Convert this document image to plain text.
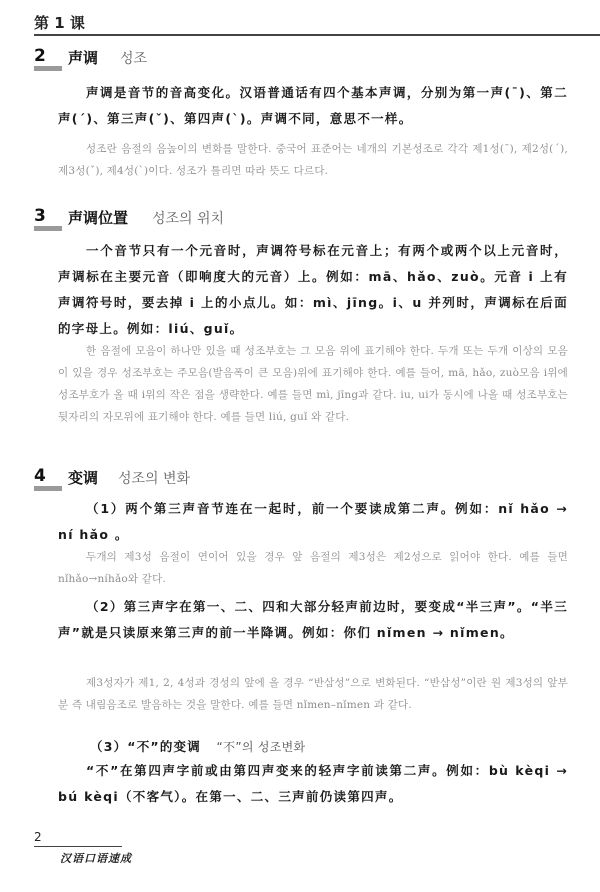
第 1 课
2 声调 성조
声调是音节的音高变化。汉语普通话有四个基本声调，分别为第一声(ˉ)、第二声(ˊ)、第三声(ˇ)、第四声(ˋ)。声调不同，意思不一样。
성조란 음절의 음높이의 변화를 말한다. 중국어 표준어는 네개의 기본성조로 각각 제1성(ˉ), 제2성(ˊ), 제3성(ˇ), 제4성(ˋ)이다. 성조가 틀리면 따라 뜻도 다르다.
3 声调位置 성조의 위치
一个音节只有一个元音时，声调符号标在元音上；有两个或两个以上元音时，声调标在主要元音（即响度大的元音）上。例如：mā、hǎo、zuò。元音 i 上有声调符号时，要去掉 i 上的小点儿。如：mì、jīng。i、u 并列时，声调标在后面的字母上。例如：liú、guǐ。
한 음절에 모음이 하나만 있을 때 성조부호는 그 모음 위에 표기해야 한다. 두개 또는 두개 이상의 모음이 있을 경우 성조부호는 주모음(발음폭이 큰 모음)위에 표기해야 한다. 예를 들어, mā, hǎo, zuò모음 i위에 성조부호가 올 때 i위의 작은 점을 생략한다. 예를 들면 mì, jīng과 같다. iu, ui가 동시에 나올 때 성조부호는 뒷자리의 자모위에 표기해야 한다. 예를 들면 liú, guǐ 와 같다.
4 变调 성조의 변화
（1）两个第三声音节连在一起时，前一个要读成第二声。例如：nǐ hǎo → ní hǎo 。
두개의 제3성 음절이 연이어 있을 경우 앞 음절의 제3성은 제2성으로 읽어야 한다. 예를 들면 nǐhǎo→níhǎo와 같다.
（2）第三声字在第一、二、四和大部分轻声前边时，要变成“半三声”。“半三声”就是只读原来第三声的前一半降调。例如：你们 nǐmen → nǐmen。
제3성자가 제1, 2, 4성과 경성의 앞에 올 경우 “반삼성”으로 변화된다. “반삼성”이란 원 제3성의 앞부분 즉 내림음조로 발음하는 것을 말한다. 예를 들면 nǐmen–nǐmen 과 같다.
（3）“不”的变调 “不”의 성조변화
“不”在第四声字前或由第四声变来的轻声字前读第二声。例如：bù kèqi → bú kèqi（不客气）。在第一、二、三声前仍读第四声。
2
汉语口语速成
